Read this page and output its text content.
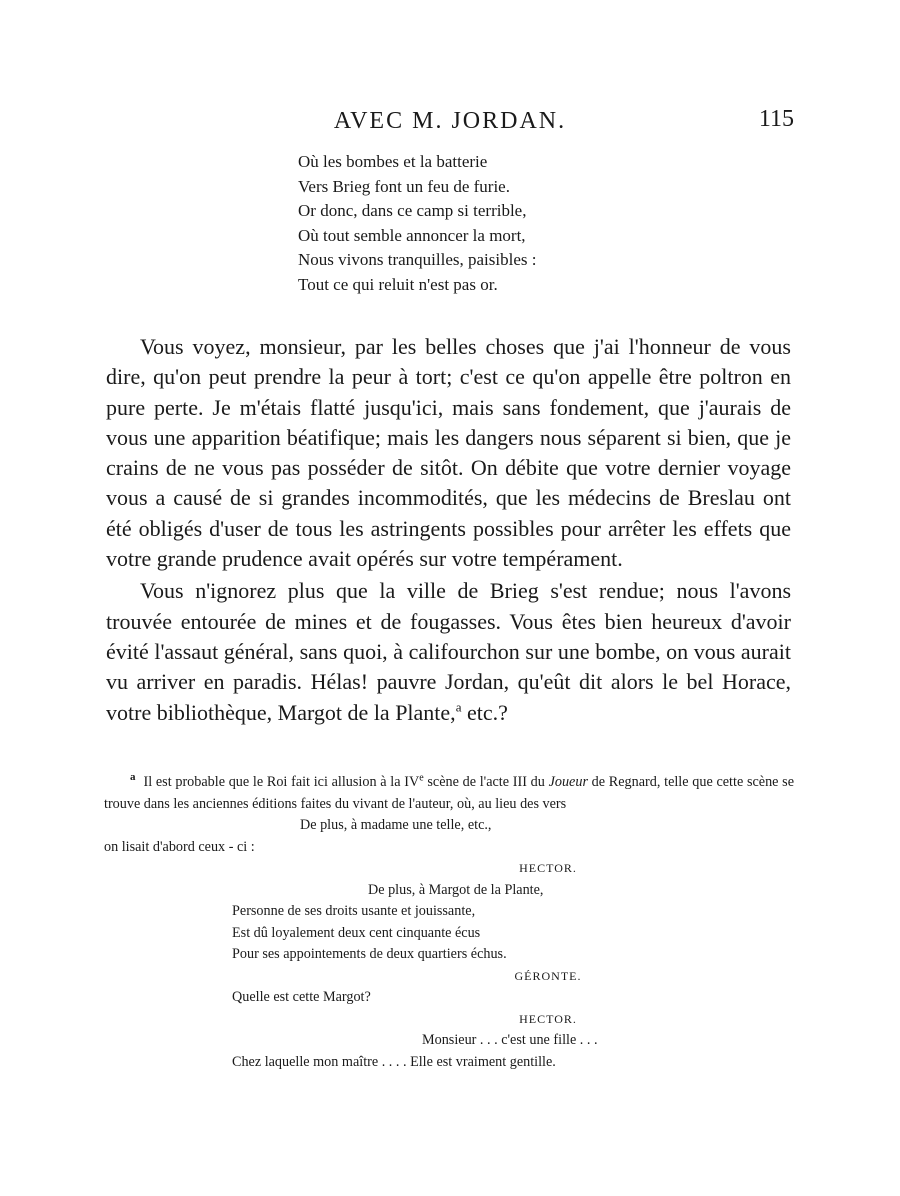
AVEC M. JORDAN.	115
Où les bombes et la batterie
Vers Brieg font un feu de furie.
Or donc, dans ce camp si terrible,
Où tout semble annoncer la mort,
Nous vivons tranquilles, paisibles :
Tout ce qui reluit n'est pas or.

Vous voyez, monsieur, par les belles choses que j'ai l'honneur de vous dire, qu'on peut prendre la peur à tort; c'est ce qu'on appelle être poltron en pure perte. Je m'étais flatté jusqu'ici, mais sans fondement, que j'aurais de vous une apparition béatifique; mais les dangers nous séparent si bien, que je crains de ne vous pas posséder de sitôt. On débite que votre dernier voyage vous a causé de si grandes incommodités, que les médecins de Breslau ont été obligés d'user de tous les astringents possibles pour arrêter les effets que votre grande prudence avait opérés sur votre tempérament.

Vous n'ignorez plus que la ville de Brieg s'est rendue; nous l'avons trouvée entourée de mines et de fougasses. Vous êtes bien heureux d'avoir évité l'assaut général, sans quoi, à califourchon sur une bombe, on vous aurait vu arriver en paradis. Hélas! pauvre Jordan, qu'eût dit alors le bel Horace, votre bibliothèque, Margot de la Plante,$^a$ etc.?

$^a$ Il est probable que le Roi fait ici allusion à la IVe scène de l'acte III du Joueur de Regnard, telle que cette scène se trouve dans les anciennes éditions faites du vivant de l'auteur, où, au lieu des vers
De plus, à madame une telle, etc.,
on lisait d'abord ceux - ci :
HECTOR.
De plus, à Margot de la Plante,
Personne de ses droits usante et jouissante,
Est dû loyalement deux cent cinquante écus
Pour ses appointements de deux quartiers échus.
GÉRONTE.
Quelle est cette Margot?
HECTOR.
Monsieur . . . c'est une fille . . .
Chez laquelle mon maître . . . . Elle est vraiment gentille.
